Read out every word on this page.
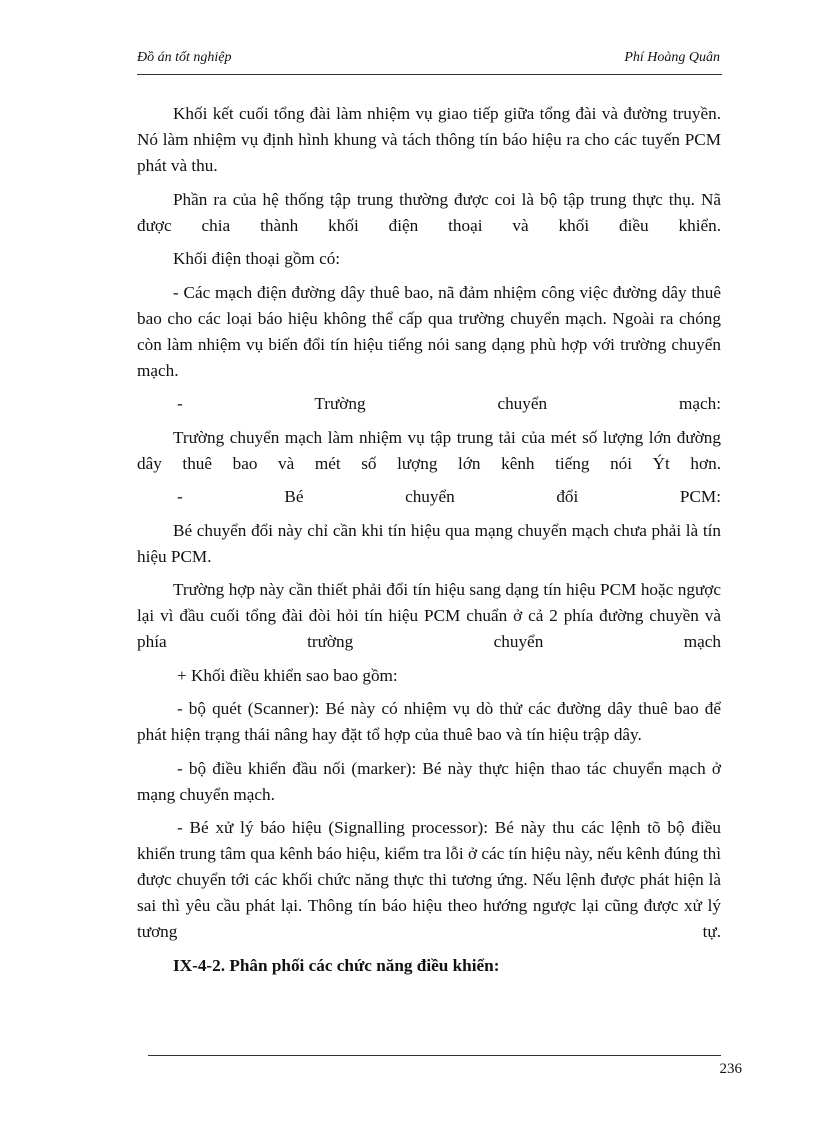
Đồ án tốt nghiệp	Phí Hoàng Quân

Khối kết cuối tổng đài làm nhiệm vụ giao tiếp giữa tổng đài và đường truyền. Nó làm nhiệm vụ định hình khung và tách thông tín báo hiệu ra cho các tuyến PCM phát và thu.

Phần ra của hệ thống tập trung thường được coi là bộ tập trung thực thụ. Nã được chia thành khối điện thoại và khối điều khiển.

Khối điện thoại gồm có:

- Các mạch điện đường dây thuê bao, nã đảm nhiệm công việc đường dây thuê bao cho các loại báo hiệu không thể cấp qua trường chuyển mạch. Ngoài ra chóng còn làm nhiệm vụ biến đổi tín hiệu tiếng nói sang dạng phù hợp với trường chuyển mạch.

- Trường chuyển mạch:

Trường chuyển mạch làm nhiệm vụ tập trung tải của mét số lượng lớn đường dây thuê bao và mét số lượng lớn kênh tiếng nói Ýt hơn.

- Bé chuyển đổi PCM:

Bé chuyển đổi này chỉ cần khi tín hiệu qua mạng chuyển mạch chưa phải là tín hiệu PCM.

Trường hợp này cần thiết phải đổi tín hiệu sang dạng tín hiệu PCM hoặc ngược lại vì đầu cuối tổng đài đòi hỏi tín hiệu PCM chuẩn ở cả 2 phía đường chuyền và phía trường chuyển mạch

+ Khối điều khiển sao bao gồm:

- bộ quét (Scanner): Bé này có nhiệm vụ dò thử các đường dây thuê bao để phát hiện trạng thái nâng hay đặt tổ hợp của thuê bao và tín hiệu trập dây.

- bộ điều khiển đầu nối (marker): Bé này thực hiện thao tác chuyển mạch ở mạng chuyển mạch.

- Bé xử lý báo hiệu (Signalling processor): Bé này thu các lệnh tõ bộ điều khiển trung tâm qua kênh báo hiệu, kiểm tra lỗi ở các tín hiệu này, nếu kênh đúng thì được chuyển tới các khối chức năng thực thi tương ứng. Nếu lệnh được phát hiện là sai thì yêu cầu phát lại. Thông tín báo hiệu theo hướng ngược lại cũng được xử lý tương tự.

IX-4-2. Phân phối các chức năng điều khiển:

236
